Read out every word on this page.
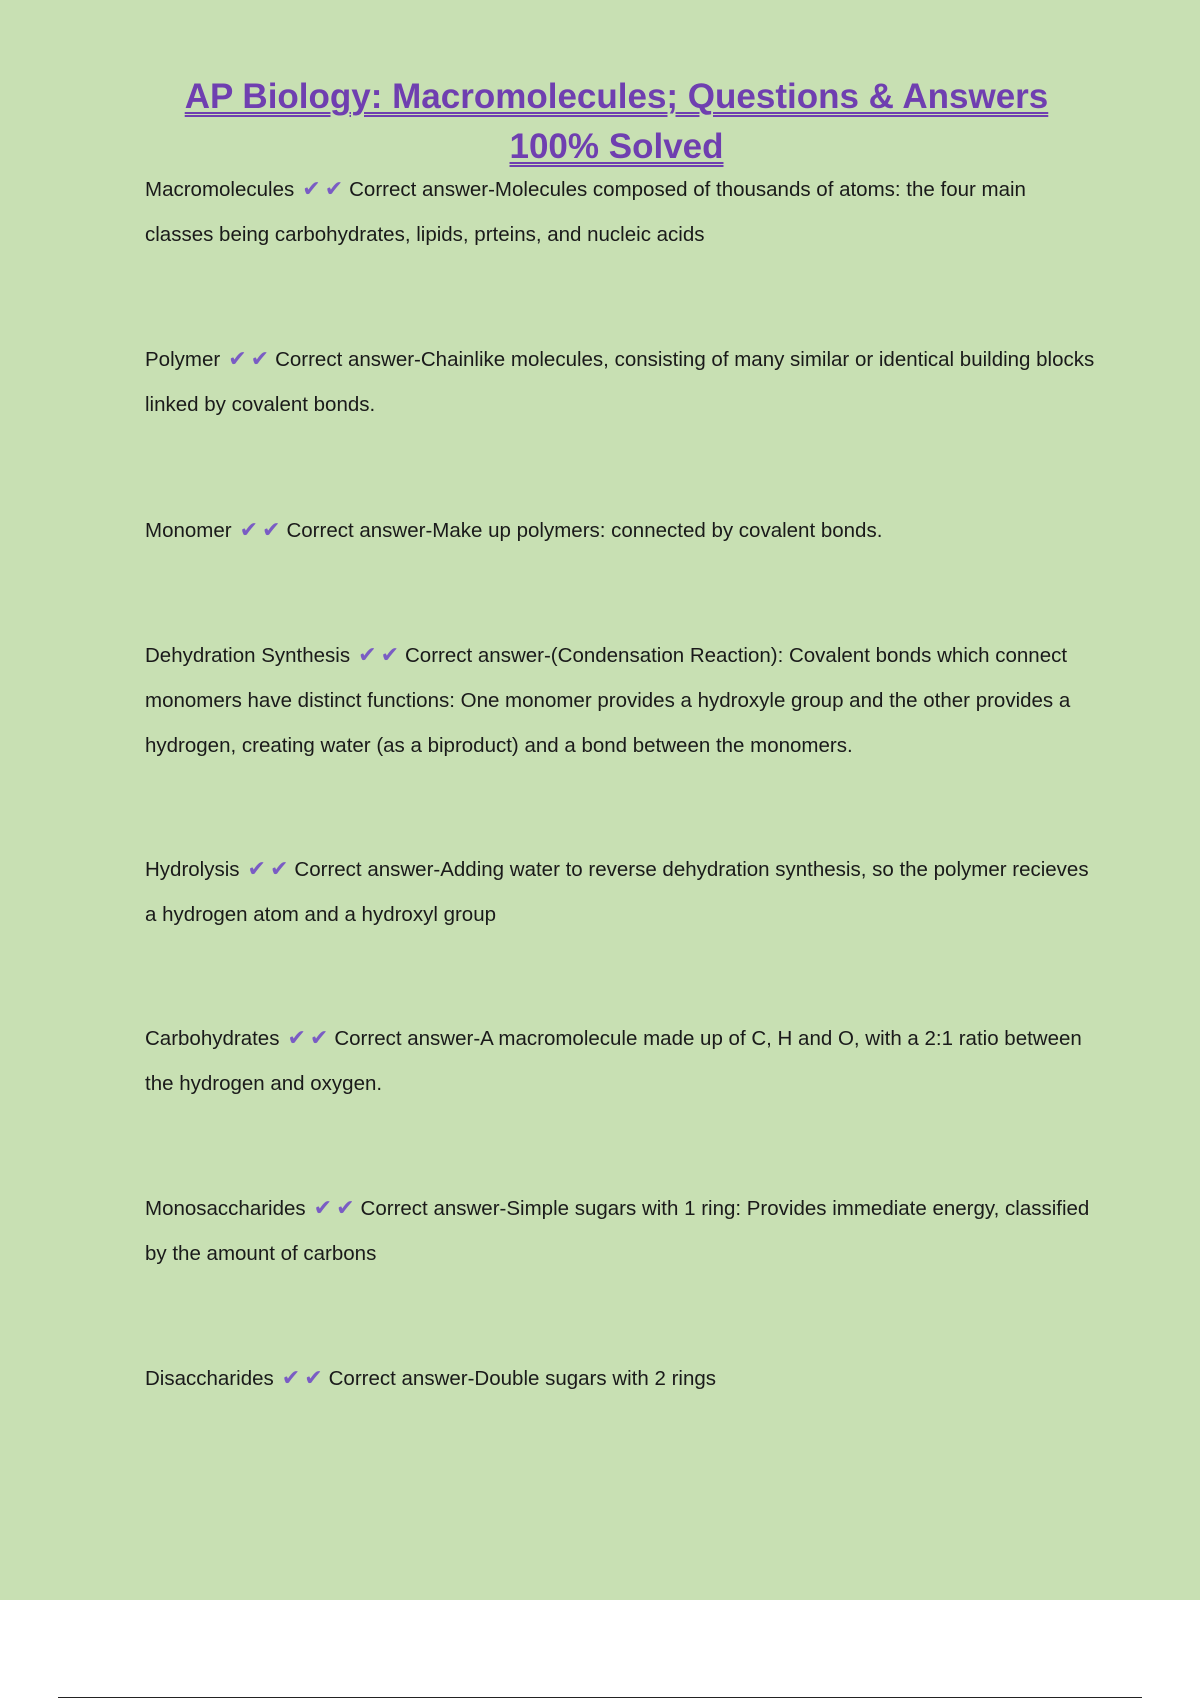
AP Biology: Macromolecules; Questions & Answers
100% Solved

Macromolecules ✔ ✔ Correct answer-Molecules composed of thousands of atoms: the four main classes being carbohydrates, lipids, prteins, and nucleic acids

Polymer ✔ ✔ Correct answer-Chainlike molecules, consisting of many similar or identical building blocks linked by covalent bonds.

Monomer ✔ ✔ Correct answer-Make up polymers: connected by covalent bonds.

Dehydration Synthesis ✔ ✔ Correct answer-(Condensation Reaction): Covalent bonds which connect monomers have distinct functions: One monomer provides a hydroxyle group and the other provides a hydrogen, creating water (as a biproduct) and a bond between the monomers.

Hydrolysis ✔ ✔ Correct answer-Adding water to reverse dehydration synthesis, so the polymer recieves a hydrogen atom and a hydroxyl group

Carbohydrates ✔ ✔ Correct answer-A macromolecule made up of C, H and O, with a 2:1 ratio between the hydrogen and oxygen.

Monosaccharides ✔ ✔ Correct answer-Simple sugars with 1 ring: Provides immediate energy, classified by the amount of carbons

Disaccharides ✔ ✔ Correct answer-Double sugars with 2 rings
